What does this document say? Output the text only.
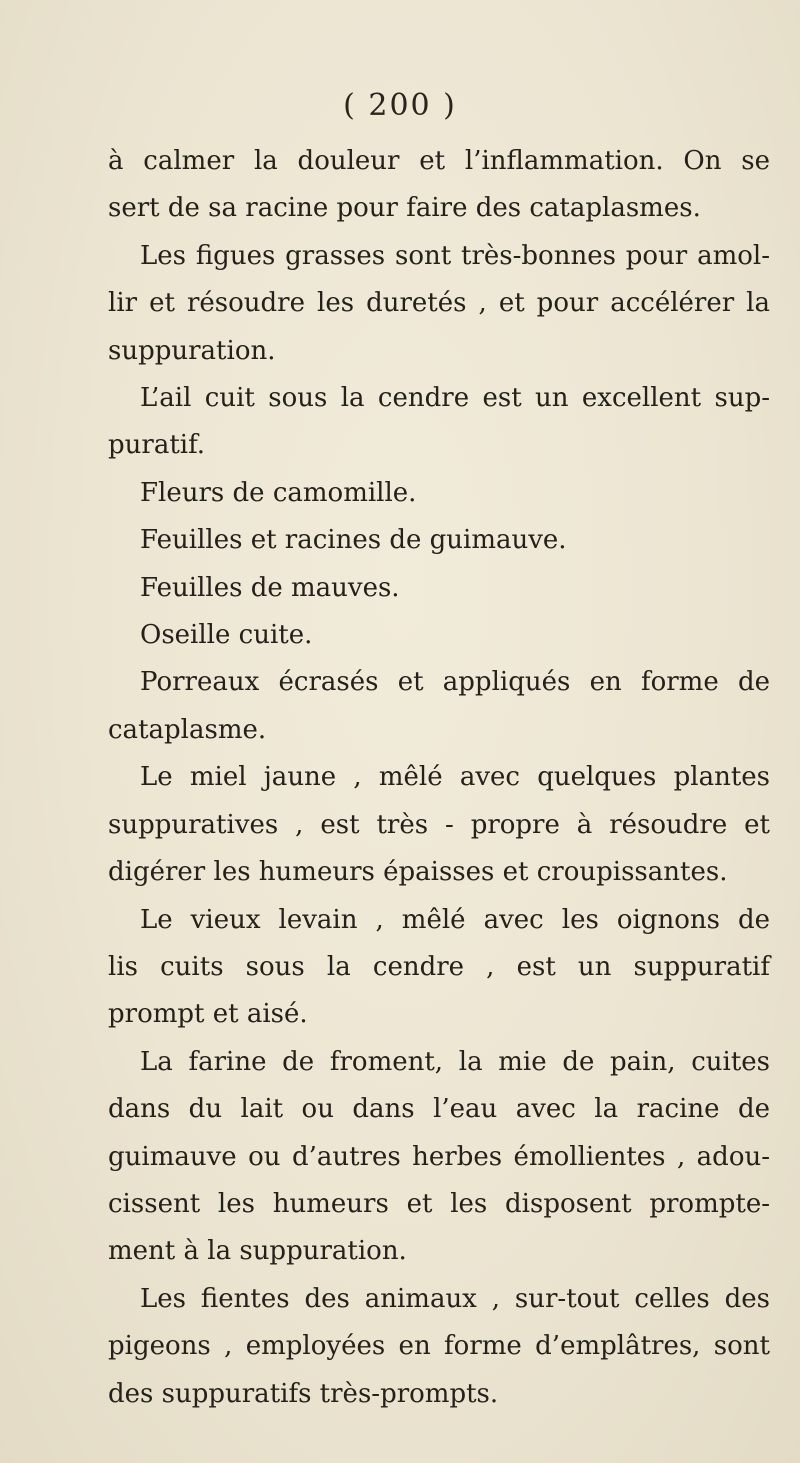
( 200 )
à calmer la douleur et l’inflammation. On se
sert de sa racine pour faire des cataplasmes.
Les figues grasses sont très-bonnes pour amol-
lir et résoudre les duretés , et pour accélérer la
suppuration.
L’ail cuit sous la cendre est un excellent sup-
puratif.
Fleurs de camomille.
Feuilles et racines de guimauve.
Feuilles de mauves.
Oseille cuite.
Porreaux écrasés et appliqués en forme de
cataplasme.
Le miel jaune , mêlé avec quelques plantes
suppuratives , est très - propre à résoudre et
digérer les humeurs épaisses et croupissantes.
Le vieux levain , mêlé avec les oignons de
lis cuits sous la cendre , est un suppuratif
prompt et aisé.
La farine de froment, la mie de pain, cuites
dans du lait ou dans l’eau avec la racine de
guimauve ou d’autres herbes émollientes , adou-
cissent les humeurs et les disposent prompte-
ment à la suppuration.
Les fientes des animaux , sur-tout celles des
pigeons , employées en forme d’emplâtres, sont
des suppuratifs très-prompts.
